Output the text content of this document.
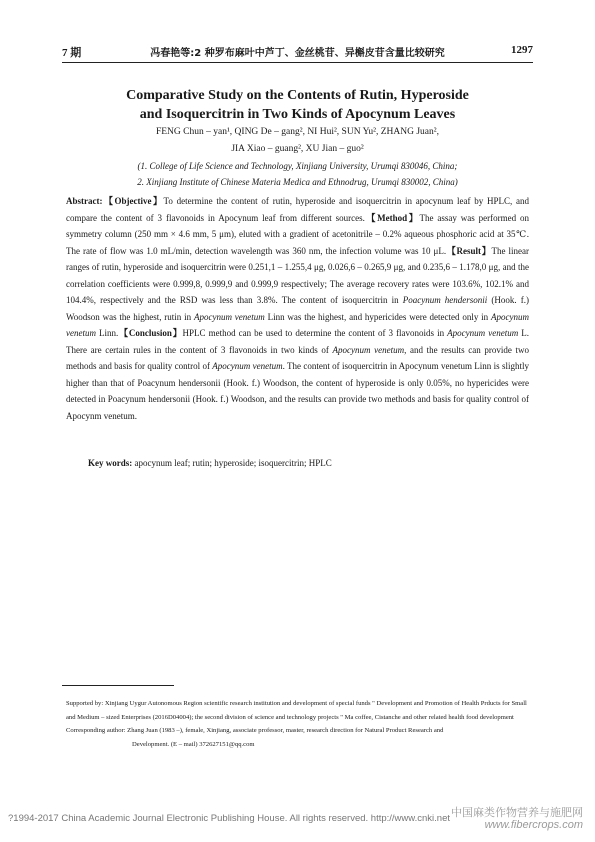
7 期	冯春艳等:2 种罗布麻叶中芦丁、金丝桃苷、异槲皮苷含量比较研究	1297
Comparative Study on the Contents of Rutin, Hyperoside
and Isoquercitrin in Two Kinds of Apocynum Leaves
FENG Chun – yan¹, QING De – gang², NI Hui², SUN Yu², ZHANG Juan²,
JIA Xiao – guang², XU Jian – guo²
(1. College of Life Science and Technology, Xinjiang University, Urumqi 830046, China;
2. Xinjiang Institute of Chinese Materia Medica and Ethnodrug, Urumqi 830002, China)
Abstract:【Objective】To determine the content of rutin, hyperoside and isoquercitrin in apocynum leaf by HPLC, and compare the content of 3 flavonoids in Apocynum leaf from different sources.【Method】The assay was performed on symmetry column (250 mm × 4.6 mm, 5 μm), eluted with a gradient of acetonitrile – 0.2% aqueous phosphoric acid at 35℃. The rate of flow was 1.0 mL/min, detection wavelength was 360 nm, the infection volume was 10 μL.【Result】The linear ranges of rutin, hyperoside and isoquercitrin were 0.251,1 – 1.255,4 μg, 0.026,6 – 0.265,9 μg, and 0.235,6 – 1.178,0 μg, and the correlation coefficients were 0.999,8, 0.999,9 and 0.999,9 respectively; The average recovery rates were 103.6%, 102.1% and 104.4%, respectively and the RSD was less than 3.8%. The content of isoquercitrin in Poacynum hendersonii (Hook. f.) Woodson was the highest, rutin in Apocynum venetum Linn was the highest, and hypericides were detected only in Apocynum venetum Linn.【Conclusion】HPLC method can be used to determine the content of 3 flavonoids in Apocynum venetum L. There are certain rules in the content of 3 flavonoids in two kinds of Apocynum venetum, and the results can provide two methods and basis for quality control of Apocynum venetum. The content of isoquercitrin in Apocynum venetum Linn is slightly higher than that of Poacynum hendersonii (Hook. f.) Woodson, the content of hyperoside is only 0.05%, no hypericides were detected in Poacynum hendersonii (Hook. f.) Woodson, and the results can provide two methods and basis for quality control of Apocynm venetum.
Key words: apocynum leaf; rutin; hyperoside; isoquercitrin; HPLC
Supported by: Xinjiang Uygur Autonomous Region scientific research institution and development of special funds " Development and Promotion of Health Prducts for Small and Medium – sized Enterprises (2016D04004); the second division of science and technology projects " Ma coffee, Cistanche and other related health food development
Corresponding author: Zhang Juan (1983 –), female, Xinjiang, associate professor, master, research direction for Natural Product Research and
Development. (E – mail) 372627151@qq.com
?1994-2017 China Academic Journal Electronic Publishing House. All rights reserved. http://www.cnki.net 中国麻类作物营养与施肥网
www.fibercrops.com
